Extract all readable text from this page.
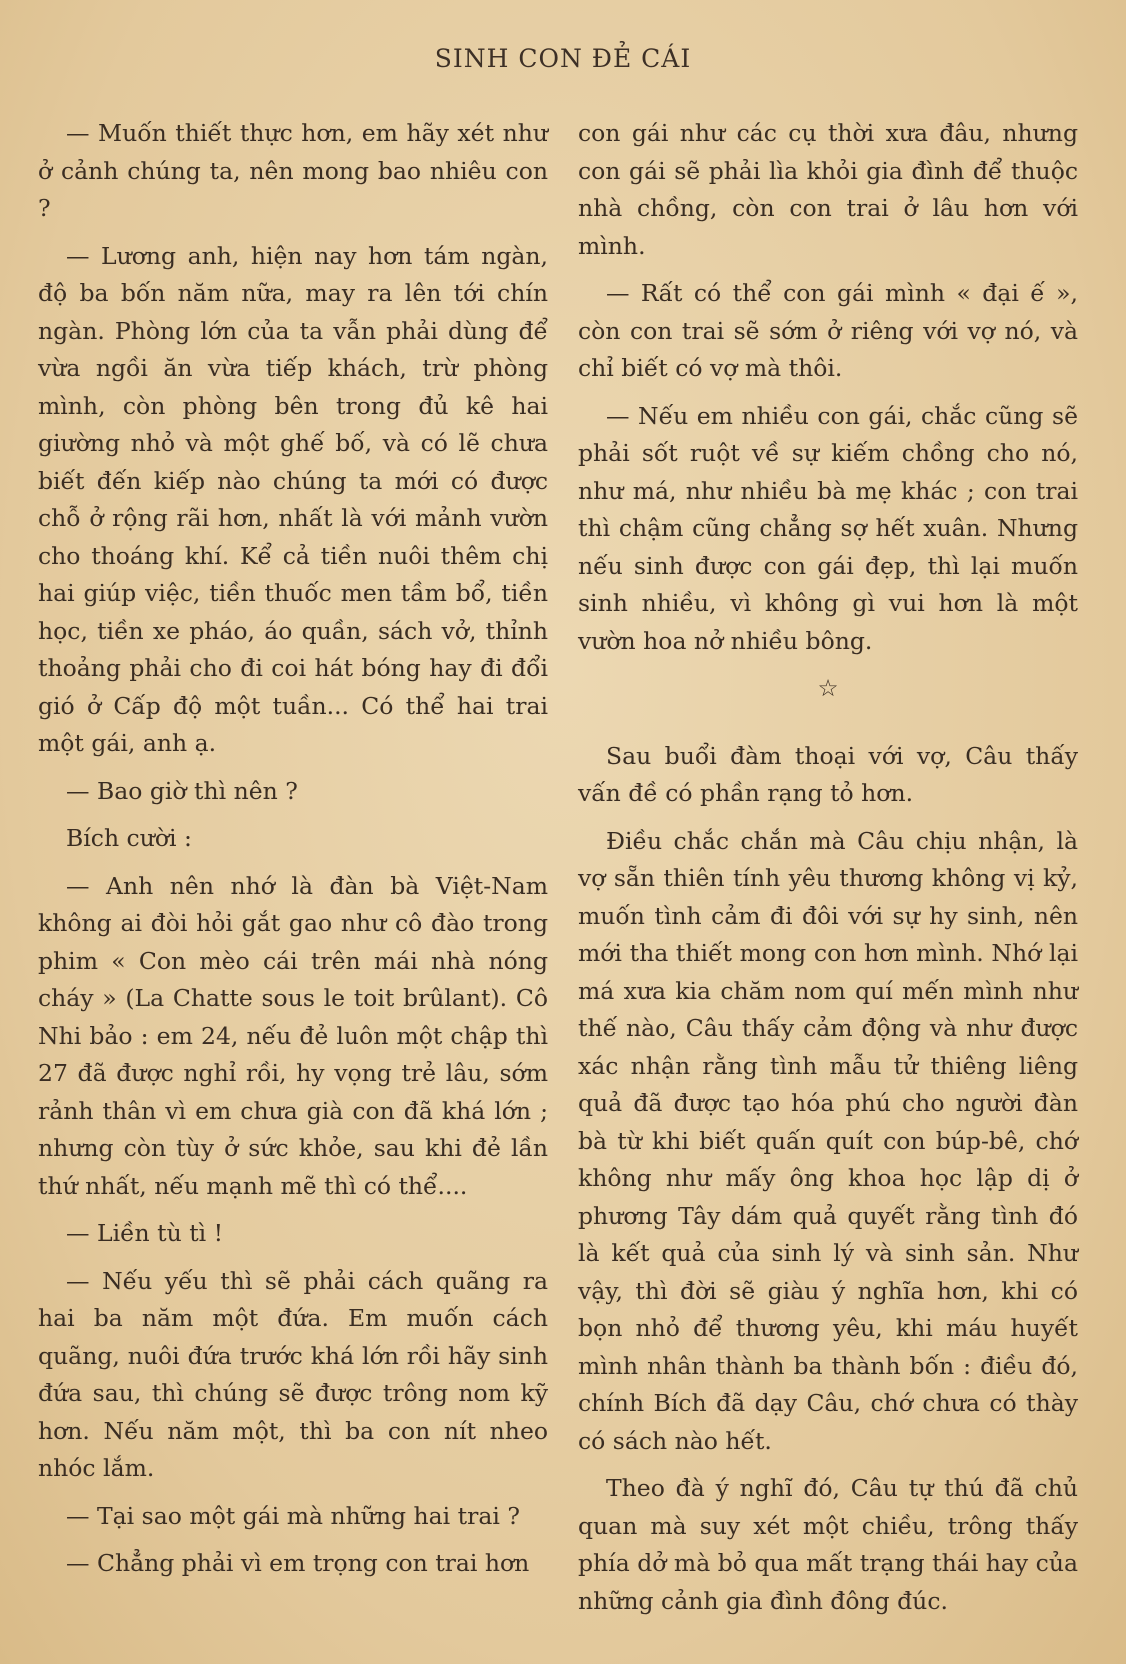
SINH CON ĐẺ CÁI

— Muốn thiết thực hơn, em hãy xét như ở cảnh chúng ta, nên mong bao nhiêu con ?

— Lương anh, hiện nay hơn tám ngàn, độ ba bốn năm nữa, may ra lên tới chín ngàn. Phòng lớn của ta vẫn phải dùng để vừa ngồi ăn vừa tiếp khách, trừ phòng mình, còn phòng bên trong đủ kê hai giường nhỏ và một ghế bố, và có lẽ chưa biết đến kiếp nào chúng ta mới có được chỗ ở rộng rãi hơn, nhất là với mảnh vườn cho thoáng khí. Kể cả tiền nuôi thêm chị hai giúp việc, tiền thuốc men tầm bổ, tiền học, tiền xe pháo, áo quần, sách vở, thỉnh thoảng phải cho đi coi hát bóng hay đi đổi gió ở Cấp độ một tuần... Có thể hai trai một gái, anh ạ.

— Bao giờ thì nên ?

Bích cười :

— Anh nên nhớ là đàn bà Việt-Nam không ai đòi hỏi gắt gao như cô đào trong phim « Con mèo cái trên mái nhà nóng cháy » (La Chatte sous le toit brûlant). Cô Nhi bảo : em 24, nếu đẻ luôn một chập thì 27 đã được nghỉ rồi, hy vọng trẻ lâu, sớm rảnh thân vì em chưa già con đã khá lớn ; nhưng còn tùy ở sức khỏe, sau khi đẻ lần thứ nhất, nếu mạnh mẽ thì có thể....

— Liền tù tì !

— Nếu yếu thì sẽ phải cách quãng ra hai ba năm một đứa. Em muốn cách quãng, nuôi đứa trước khá lớn rồi hãy sinh đứa sau, thì chúng sẽ được trông nom kỹ hơn. Nếu năm một, thì ba con nít nheo nhóc lắm.

— Tại sao một gái mà những hai trai ?

— Chẳng phải vì em trọng con trai hơn

con gái như các cụ thời xưa đâu, nhưng con gái sẽ phải lìa khỏi gia đình để thuộc nhà chồng, còn con trai ở lâu hơn với mình.

— Rất có thể con gái mình « đại ế », còn con trai sẽ sớm ở riêng với vợ nó, và chỉ biết có vợ mà thôi.

— Nếu em nhiều con gái, chắc cũng sẽ phải sốt ruột về sự kiếm chồng cho nó, như má, như nhiều bà mẹ khác ; con trai thì chậm cũng chẳng sợ hết xuân. Nhưng nếu sinh được con gái đẹp, thì lại muốn sinh nhiều, vì không gì vui hơn là một vườn hoa nở nhiều bông.

☆

Sau buổi đàm thoại với vợ, Câu thấy vấn đề có phần rạng tỏ hơn.

Điều chắc chắn mà Câu chịu nhận, là vợ sẵn thiên tính yêu thương không vị kỷ, muốn tình cảm đi đôi với sự hy sinh, nên mới tha thiết mong con hơn mình. Nhớ lại má xưa kia chăm nom quí mến mình như thế nào, Câu thấy cảm động và như được xác nhận rằng tình mẫu tử thiêng liêng quả đã được tạo hóa phú cho người đàn bà từ khi biết quấn quít con búp-bê, chớ không như mấy ông khoa học lập dị ở phương Tây dám quả quyết rằng tình đó là kết quả của sinh lý và sinh sản. Như vậy, thì đời sẽ giàu ý nghĩa hơn, khi có bọn nhỏ để thương yêu, khi máu huyết mình nhân thành ba thành bốn : điều đó, chính Bích đã dạy Câu, chớ chưa có thày có sách nào hết.

Theo đà ý nghĩ đó, Câu tự thú đã chủ quan mà suy xét một chiều, trông thấy phía dở mà bỏ qua mất trạng thái hay của những cảnh gia đình đông đúc.
